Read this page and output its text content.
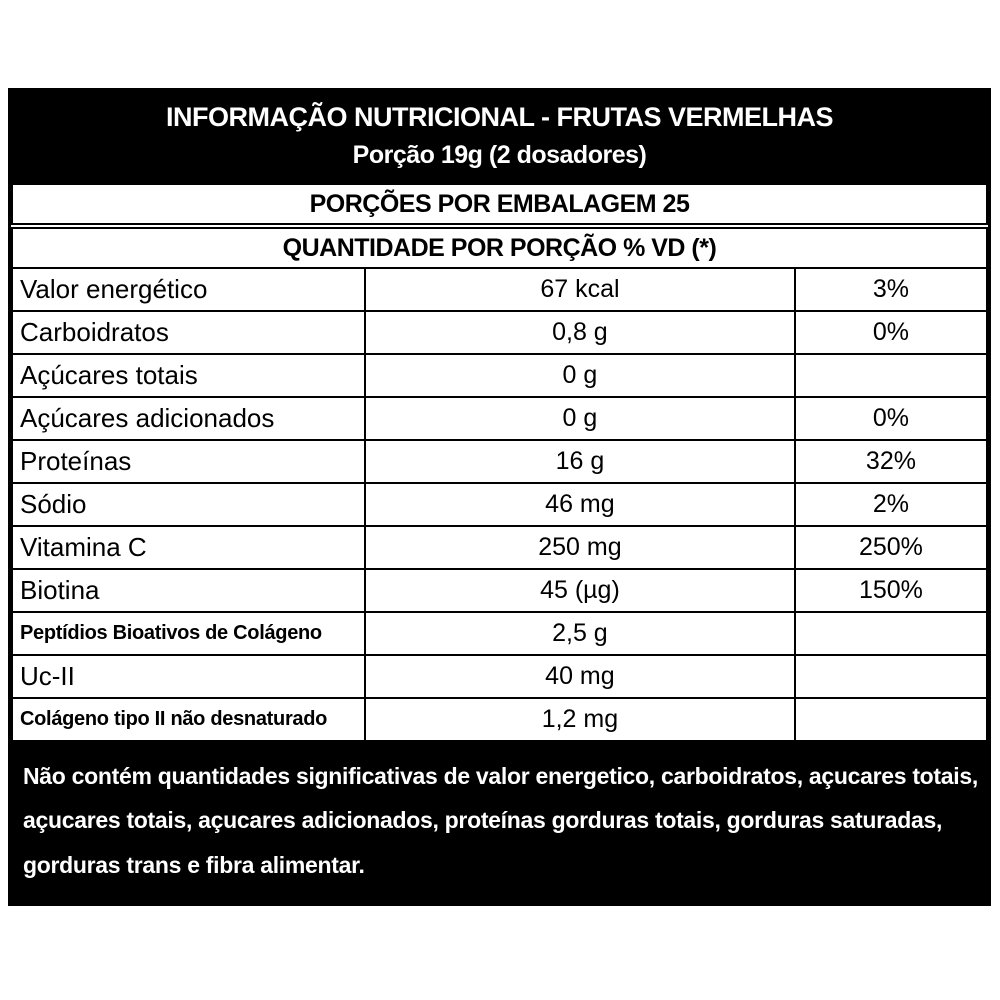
INFORMAÇÃO NUTRICIONAL - FRUTAS VERMELHAS
Porção 19g (2 dosadores)
PORÇÕES POR EMBALAGEM 25		
QUANTIDADE POR PORÇÃO % VD (*)		
Valor energético	67 kcal	3%
Carboidratos	0,8 g	0%
Açúcares totais	0 g	
Açúcares adicionados	0 g	0%
Proteínas	16 g	32%
Sódio	46 mg	2%
Vitamina C	250 mg	250%
Biotina	45 (µg)	150%
Peptídios Bioativos de Colágeno	2,5 g	
Uc-II	40 mg	
Colágeno tipo II não desnaturado	1,2 mg	
Não contém quantidades significativas de valor energetico, carboidratos, açucares totais,
açucares totais, açucares adicionados, proteínas gorduras totais, gorduras saturadas,
gorduras trans e fibra alimentar.
